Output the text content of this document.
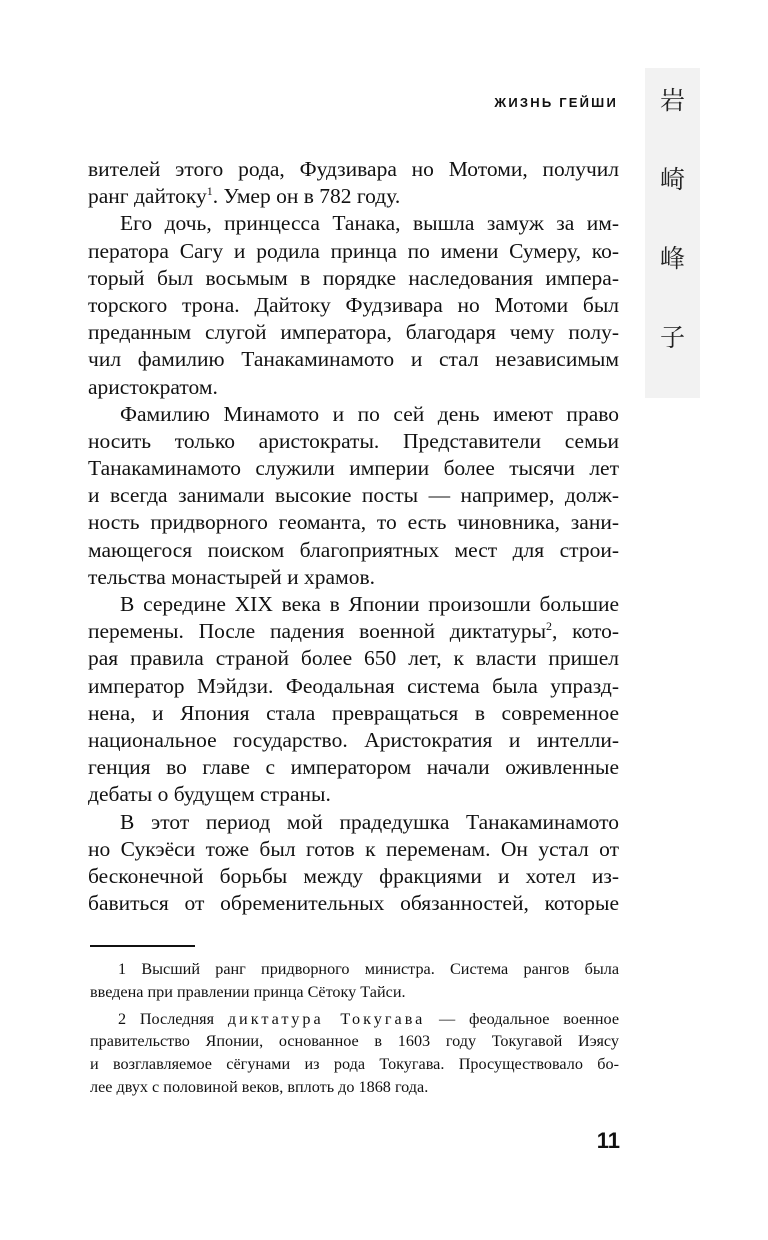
ЖИЗНЬ ГЕЙШИ	岩
崎
峰
子
вителей этого рода, Фудзивара но Мотоми, получил
ранг дайтоку$^1$. Умер он в 782 году.
Его дочь, принцесса Танака, вышла замуж за им-
ператора Сагу и родила принца по имени Сумеру, ко-
торый был восьмым в порядке наследования импера-
торского трона. Дайтоку Фудзивара но Мотоми был
преданным слугой императора, благодаря чему полу-
чил фамилию Танакаминамото и стал независимым
аристократом.
Фамилию Минамото и по сей день имеют право
носить только аристократы. Представители семьи
Танакаминамото служили империи более тысячи лет
и всегда занимали высокие посты — например, долж-
ность придворного геоманта, то есть чиновника, зани-
мающегося поиском благоприятных мест для строи-
тельства монастырей и храмов.
В середине XIX века в Японии произошли большие
перемены. После падения военной диктатуры$^2$, кото-
рая правила страной более 650 лет, к власти пришел
император Мэйдзи. Феодальная система была упразд-
нена, и Япония стала превращаться в современное
национальное государство. Аристократия и интелли-
генция во главе с императором начали оживленные
дебаты о будущем страны.
В этот период мой прадедушка Танакаминамото
но Сукэёси тоже был готов к переменам. Он устал от
бесконечной борьбы между фракциями и хотел из-
бавиться от обременительных обязанностей, которые
1 Высший ранг придворного министра. Система рангов была
введена при правлении принца Сётоку Тайси.
2 Последняя диктатура Токугава — феодальное военное
правительство Японии, основанное в 1603 году Токугавой Иэясу
и возглавляемое сёгунами из рода Токугава. Просуществовало бо-
лее двух с половиной веков, вплоть до 1868 года.
11
